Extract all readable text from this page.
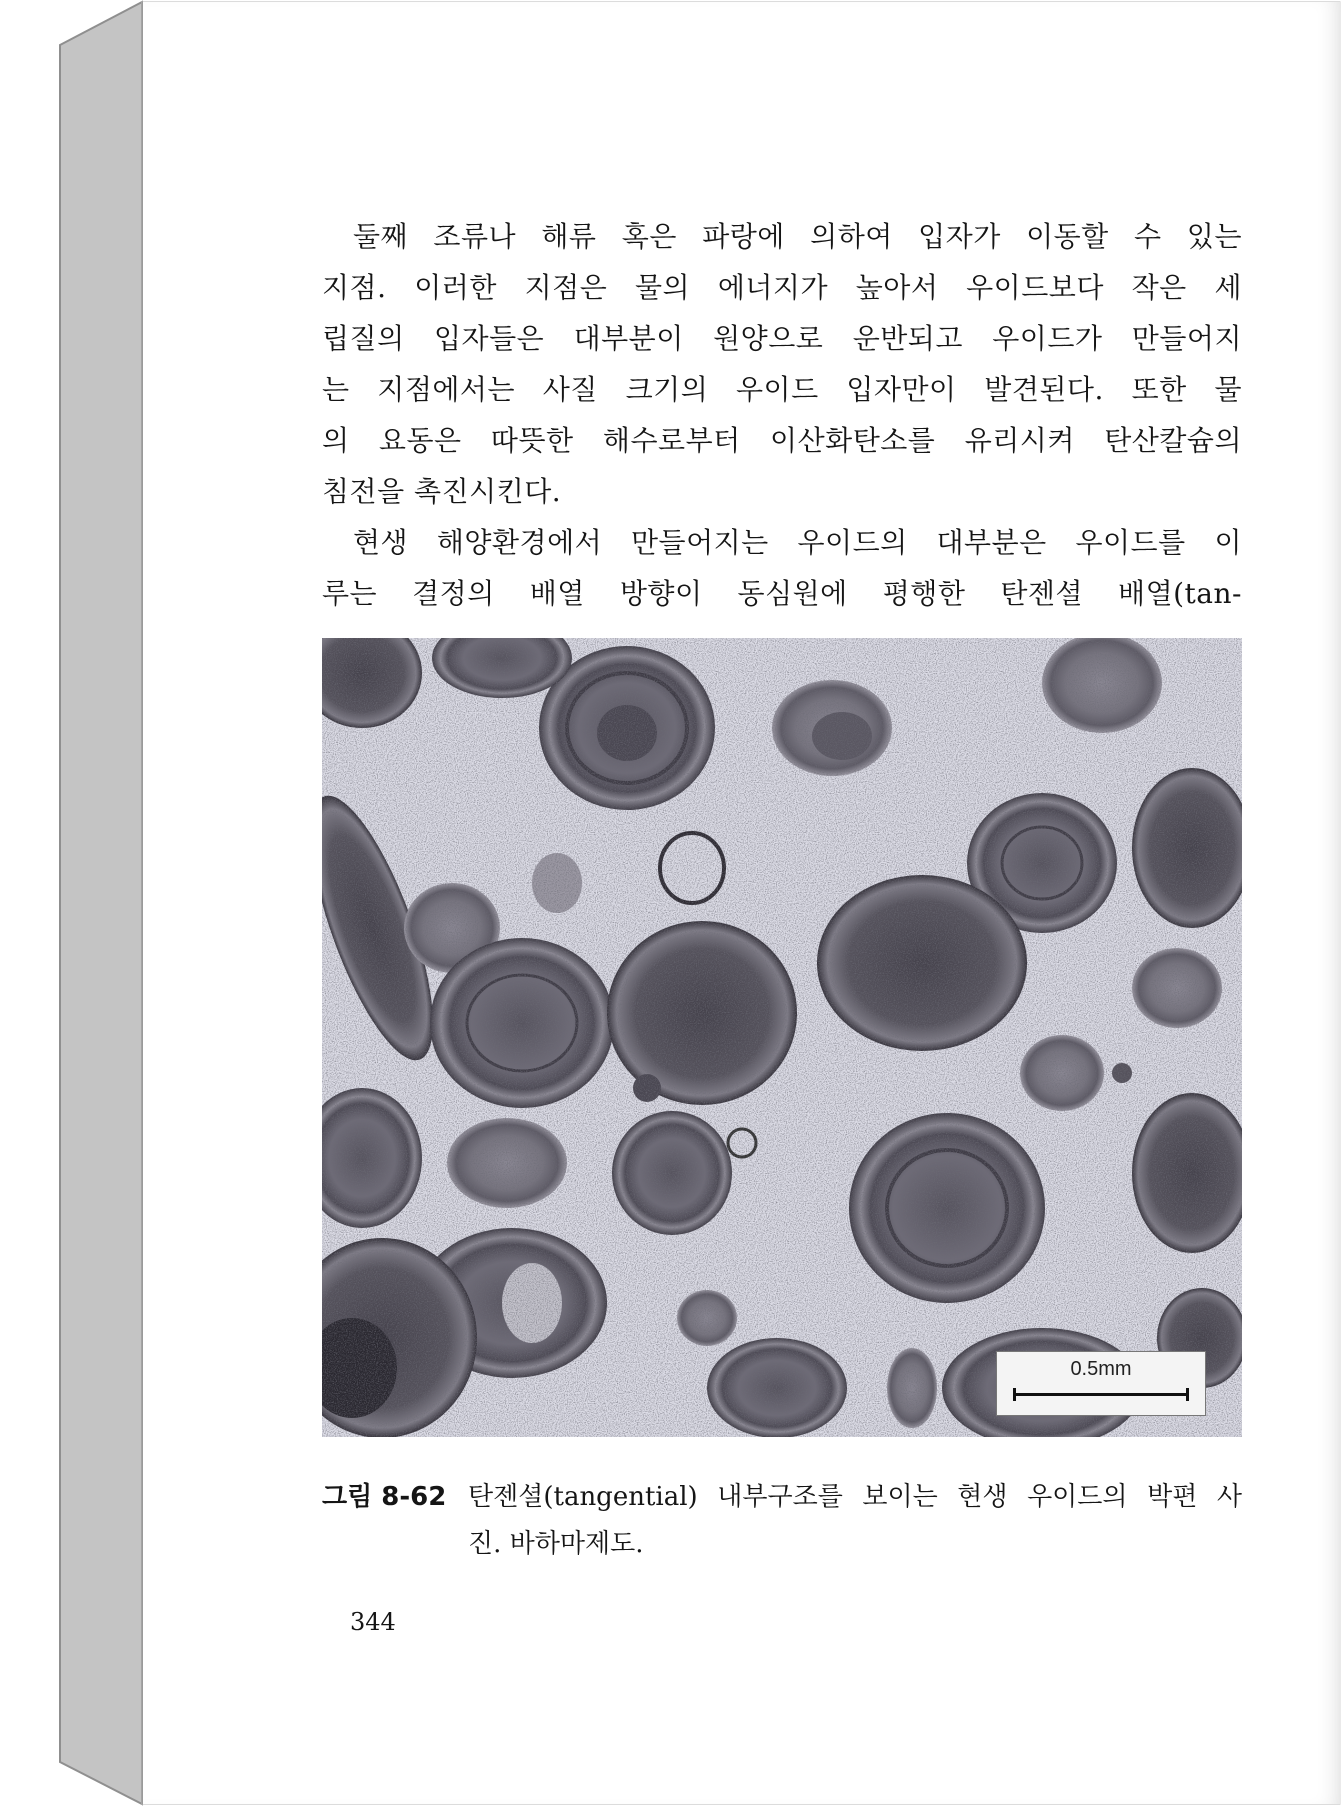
둘째 조류나 해류 혹은 파랑에 의하여 입자가 이동할 수 있는
지점. 이러한 지점은 물의 에너지가 높아서 우이드보다 작은 세
립질의 입자들은 대부분이 원양으로 운반되고 우이드가 만들어지
는 지점에서는 사질 크기의 우이드 입자만이 발견된다. 또한 물
의 요동은 따뜻한 해수로부터 이산화탄소를 유리시켜 탄산칼슘의
침전을 촉진시킨다.
현생 해양환경에서 만들어지는 우이드의 대부분은 우이드를 이
루는 결정의 배열 방향이 동심원에 평행한 탄젠셜 배열(tan-
0.5mm
그림 8-62 탄젠셜(tangential) 내부구조를 보이는 현생 우이드의 박편 사
진. 바하마제도.
344
